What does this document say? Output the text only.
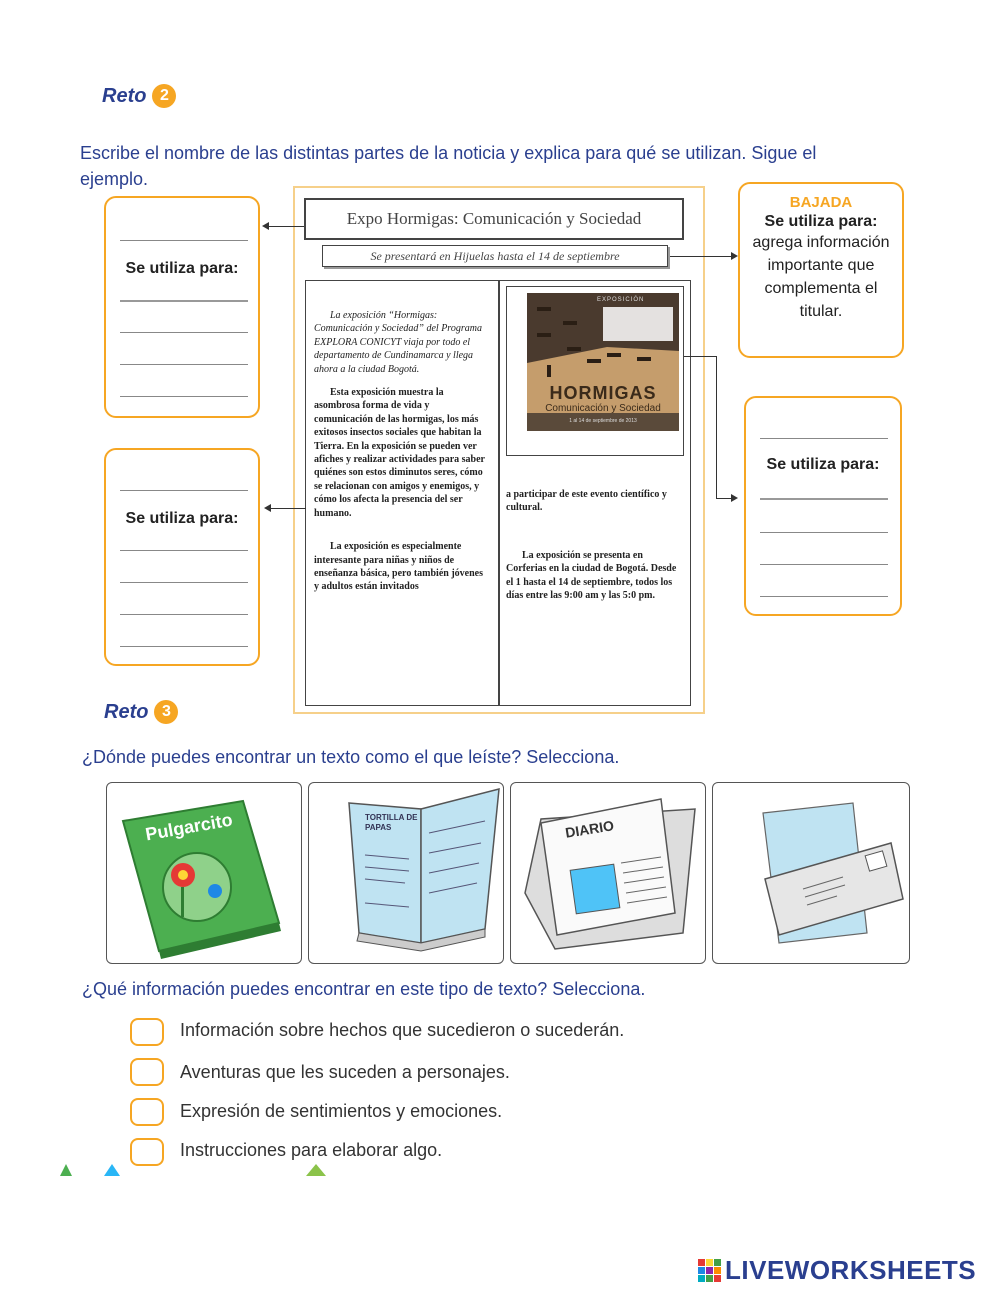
Reto 2
Escribe el nombre de las distintas partes de la noticia y explica para qué se utilizan. Sigue el ejemplo.
Se utiliza para:
Se utiliza para:
BAJADA
Se utiliza para:
agrega información importante que complementa el titular.
Se utiliza para:
Expo Hormigas: Comunicación y Sociedad
Se presentará en Hijuelas hasta el 14 de septiembre

La exposición “Hormigas: Comunicación y Sociedad” del Programa EXPLORA CONICYT viaja por todo el departamento de Cundinamarca y llega ahora a la ciudad Bogotá.

Esta exposición muestra la asombrosa forma de vida y comunicación de las hormigas, los más exitosos insectos sociales que habitan la Tierra. En la exposición se pueden ver afiches y realizar actividades para saber quiénes son estos diminutos seres, cómo se relacionan con amigos y enemigos, y cómo los afecta la presencia del ser humano.

La exposición es especialmente interesante para niñas y niños de enseñanza básica, pero también jóvenes y adultos están invitados

EXPOSICIÓN
HORMIGAS
Comunicación y Sociedad
1 al 14 de septiembre de 2013

a participar de este evento científico y cultural.

La exposición se presenta en Corferias en la ciudad de Bogotá. Desde el 1 hasta el 14 de septiembre, todos los días entre las 9:00 am y las 5:0 pm.

Reto 3
¿Dónde puedes encontrar un texto como el que leíste? Selecciona.
Pulgarcito	TORTILLA DE PAPAS	DIARIO
¿Qué información puedes encontrar en este tipo de texto? Selecciona.
Información sobre hechos que sucedieron o sucederán.
Aventuras que les suceden a personajes.
Expresión de sentimientos y emociones.
Instrucciones para elaborar algo.
LIVEWORKSHEETS
